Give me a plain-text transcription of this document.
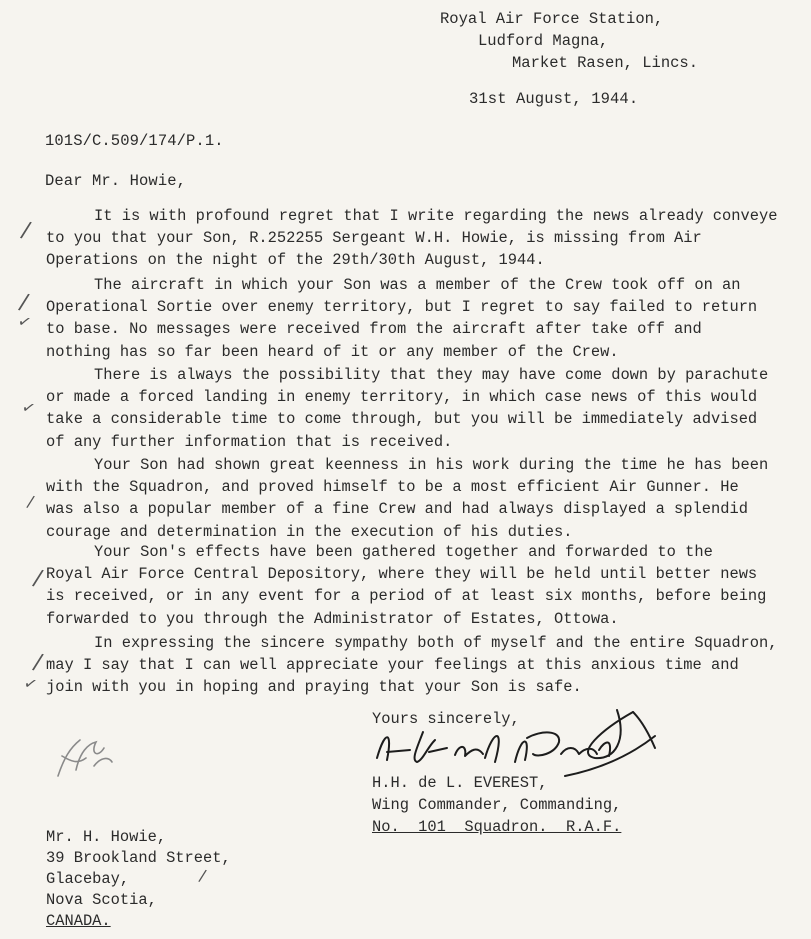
Royal Air Force Station,
Ludford Magna,
Market Rasen, Lincs.
31st August, 1944.
101S/C.509/174/P.1.
Dear Mr. Howie,
It is with profound regret that I write regarding the news already conveye
to you that your Son, R.252255 Sergeant W.H. Howie, is missing from Air
Operations on the night of the 29th/30th August, 1944.
The aircraft in which your Son was a member of the Crew took off on an
Operational Sortie over enemy territory, but I regret to say failed to return
to base. No messages were received from the aircraft after take off and
nothing has so far been heard of it or any member of the Crew.
There is always the possibility that they may have come down by parachute
or made a forced landing in enemy territory, in which case news of this would
take a considerable time to come through, but you will be immediately advised
of any further information that is received.
Your Son had shown great keenness in his work during the time he has been
with the Squadron, and proved himself to be a most efficient Air Gunner. He
was also a popular member of a fine Crew and had always displayed a splendid
courage and determination in the execution of his duties.
Your Son's effects have been gathered together and forwarded to the
Royal Air Force Central Depository, where they will be held until better news
is received, or in any event for a period of at least six months, before being
forwarded to you through the Administrator of Estates, Ottowa.
In expressing the sincere sympathy both of myself and the entire Squadron,
may I say that I can well appreciate your feelings at this anxious time and
join with you in hoping and praying that your Son is safe.
/
/
✓
✓
/
/
/
✓
Yours sincerely,
H.H. de L. EVEREST,
Wing Commander, Commanding,
No.  101  Squadron.  R.A.F.
Mr. H. Howie,
39 Brookland Street,
Glacebay,
Nova Scotia,
CANADA.
/
